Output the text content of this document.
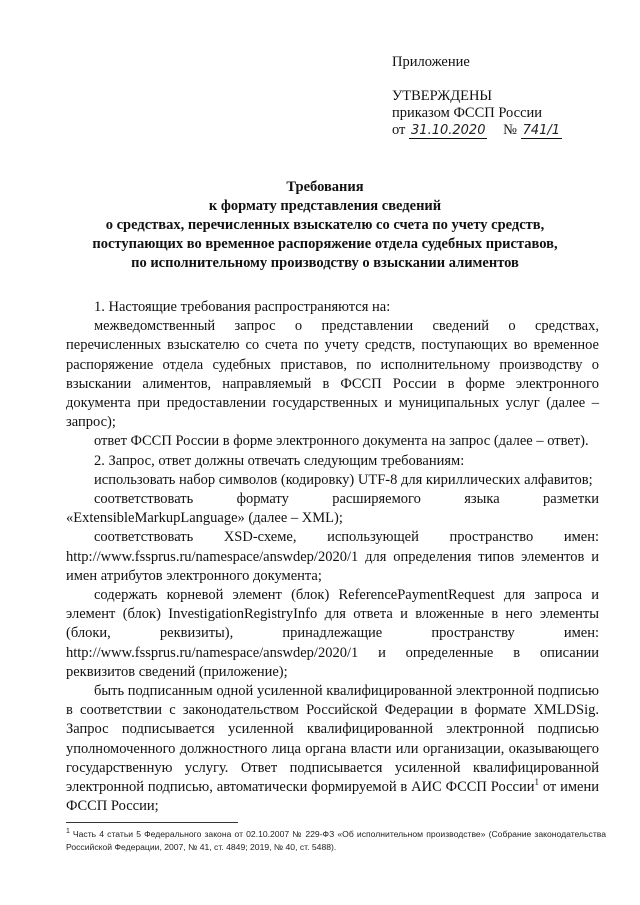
Приложение
УТВЕРЖДЕНЫ
приказом ФССП России
от 31.10.2020 № 741/1
Требования
к формату представления сведений
о средствах, перечисленных взыскателю со счета по учету средств,
поступающих во временное распоряжение отдела судебных приставов,
по исполнительному производству о взыскании алиментов

1. Настоящие требования распространяются на:

межведомственный запрос о представлении сведений о средствах, перечисленных взыскателю со счета по учету средств, поступающих во временное распоряжение отдела судебных приставов, по исполнительному производству о взыскании алиментов, направляемый в ФССП России в форме электронного документа при предоставлении государственных и муниципальных услуг (далее – запрос);

ответ ФССП России в форме электронного документа на запрос (далее – ответ).

2. Запрос, ответ должны отвечать следующим требованиям:

использовать набор символов (кодировку) UTF-8 для кириллических алфавитов;

соответствовать формату расширяемого языка разметки «ExtensibleMarkupLanguage» (далее – XML);

соответствовать XSD-схеме, использующей пространство имен: http://www.fssprus.ru/namespace/answdep/2020/1 для определения типов элементов и имен атрибутов электронного документа;

содержать корневой элемент (блок) ReferencePaymentRequest для запроса и элемент (блок) InvestigationRegistryInfo для ответа и вложенные в него элементы (блоки, реквизиты), принадлежащие пространству имен: http://www.fssprus.ru/namespace/answdep/2020/1 и определенные в описании реквизитов сведений (приложение);

быть подписанным одной усиленной квалифицированной электронной подписью в соответствии с законодательством Российской Федерации в формате XMLDSig. Запрос подписывается усиленной квалифицированной электронной подписью уполномоченного должностного лица органа власти или организации, оказывающего государственную услугу. Ответ подписывается усиленной квалифицированной электронной подписью, автоматически формируемой в АИС ФССП России$^1$ от имени ФССП России;

$^1$ Часть 4 статьи 5 Федерального закона от 02.10.2007 № 229-ФЗ «Об исполнительном производстве» (Собрание законодательства Российской Федерации, 2007, № 41, ст. 4849; 2019, № 40, ст. 5488).
